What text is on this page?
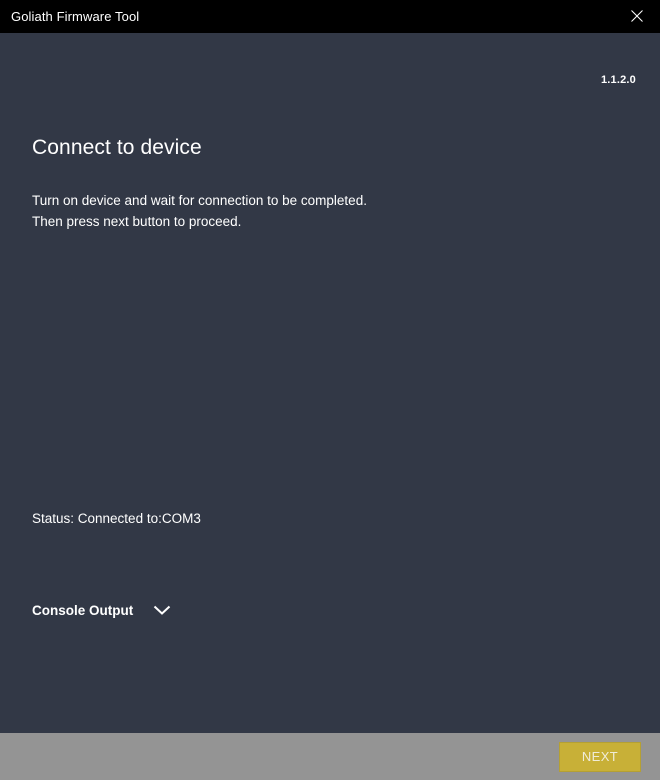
Goliath Firmware Tool
1.1.2.0
Connect to device
Turn on device and wait for connection to be completed.
Then press next button to proceed.
Status: Connected to:COM3
Console Output
NEXT
